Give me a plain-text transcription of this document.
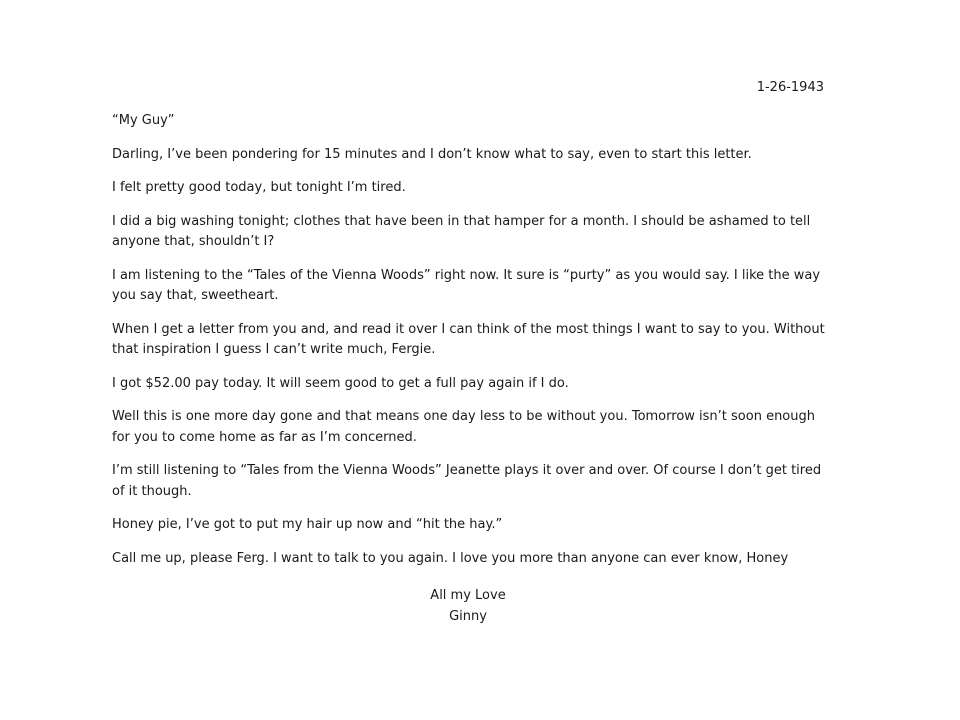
1-26-1943

“My Guy”

Darling, I’ve been pondering for 15 minutes and I don’t know what to say, even to start this letter.

I felt pretty good today, but tonight I’m tired.

I did a big washing tonight; clothes that have been in that hamper for a month. I should be ashamed to tell anyone that, shouldn’t I?

I am listening to the “Tales of the Vienna Woods” right now. It sure is “purty” as you would say. I like the way you say that, sweetheart.

When I get a letter from you and, and read it over I can think of the most things I want to say to you. Without that inspiration I guess I can’t write much, Fergie.

I got $52.00 pay today. It will seem good to get a full pay again if I do.

Well this is one more day gone and that means one day less to be without you. Tomorrow isn’t soon enough for you to come home as far as I’m concerned.

I’m still listening to “Tales from the Vienna Woods” Jeanette plays it over and over. Of course I don’t get tired of it though.

Honey pie, I’ve got to put my hair up now and “hit the hay.”

Call me up, please Ferg. I want to talk to you again. I love you more than anyone can ever know, Honey

All my Love
Ginny
